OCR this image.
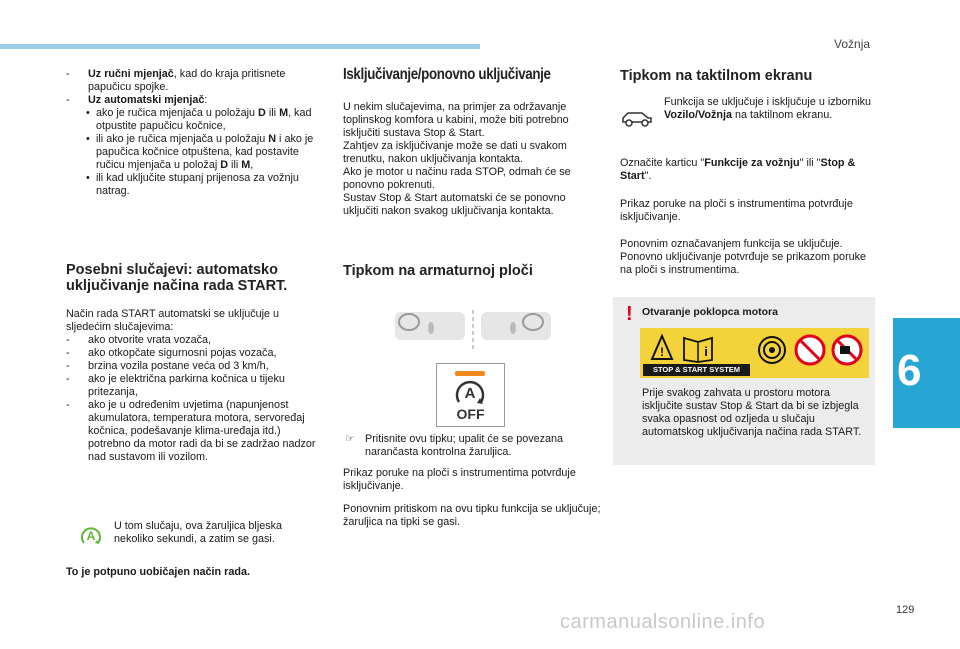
Vožnja
6
129
carmanualsonline.info

- Uz ručni mjenjač, kad do kraja pritisnete papučicu spojke.

- Uz automatski mjenjač:

• ako je ručica mjenjača u položaju D ili M, kad otpustite papučicu kočnice,

• ili ako je ručica mjenjača u položaju N i ako je papučica kočnice otpuštena, kad postavite ručicu mjenjača u položaj D ili M,

• ili kad uključite stupanj prijenosa za vožnju natrag.

Posebni slučajevi: automatsko uključivanje načina rada START.

Način rada START automatski se uključuje u sljedećim slučajevima:

- ako otvorite vrata vozača,

- ako otkopčate sigurnosni pojas vozača,

- brzina vozila postane veća od 3 km/h,

- ako je električna parkirna kočnica u tijeku pritezanja,

- ako je u određenim uvjetima (napunjenost akumulatora, temperatura motora, servoređaj kočnica, podešavanje klima-uređaja itd.) potrebno da motor radi da bi se zadržao nadzor nad sustavom ili vozilom.

A

U tom slučaju, ova žaruljica bljeska nekoliko sekundi, a zatim se gasi.

To je potpuno uobičajen način rada.

Isključivanje/ponovno uključivanje

U nekim slučajevima, na primjer za održavanje toplinskog komfora u kabini, može biti potrebno isključiti sustava Stop & Start.

Zahtjev za isključivanje može se dati u svakom trenutku, nakon uključivanja kontakta.

Ako je motor u načinu rada STOP, odmah će se ponovno pokrenuti.

Sustav Stop & Start automatski će se ponovno uključiti nakon svakog uključivanja kontakta.

Tipkom na armaturnoj ploči

A
OFF
☞ Pritisnite ovu tipku; upalit će se povezana narančasta kontrolna žaruljica.

Prikaz poruke na ploči s instrumentima potvrđuje isključivanje.

Ponovnim pritiskom na ovu tipku funkcija se uključuje; žaruljica na tipki se gasi.

Tipkom na taktilnom ekranu

Funkcija se uključuje i isključuje u izborniku Vozilo/Vožnja na taktilnom ekranu.

Označite karticu "Funkcije za vožnju" ili "Stop & Start".

Prikaz poruke na ploči s instrumentima potvrđuje isključivanje.

Ponovnim označavanjem funkcija se uključuje. Ponovno uključivanje potvrđuje se prikazom poruke na ploči s instrumentima.

! Otvaranje poklopca motora

!	i
STOP & START SYSTEM

Prije svakog zahvata u prostoru motora isključite sustav Stop & Start da bi se izbjegla svaka opasnost od ozljeda u slučaju automatskog uključivanja načina rada START.
